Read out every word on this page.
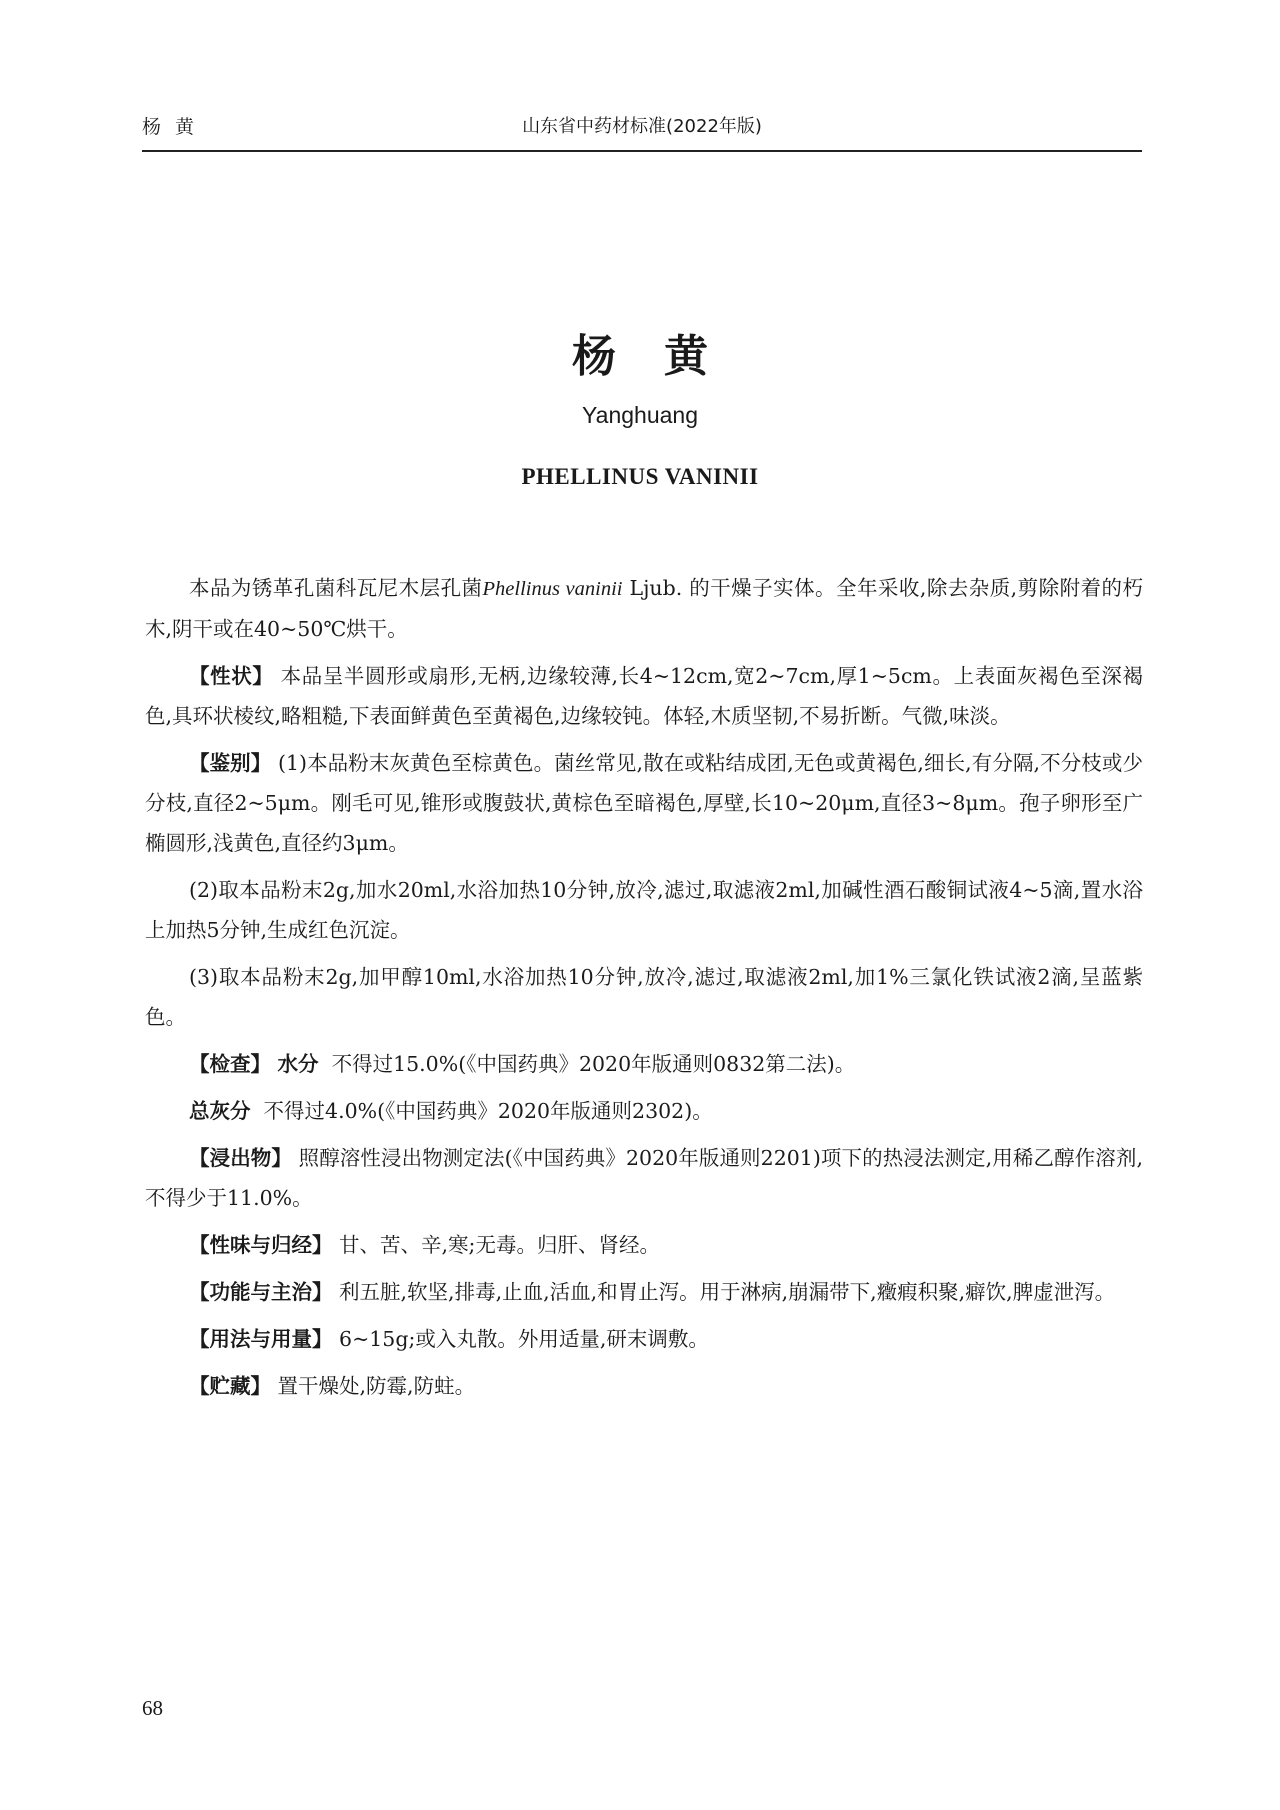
杨黄	山东省中药材标准(2022年版)
杨黄
Yanghuang
PHELLINUS VANINII

本品为锈革孔菌科瓦尼木层孔菌Phellinus vaninii Ljub. 的干燥子实体。全年采收,除去杂质,剪除附着的朽木,阴干或在40~50℃烘干。

【性状】 本品呈半圆形或扇形,无柄,边缘较薄,长4~12cm,宽2~7cm,厚1~5cm。上表面灰褐色至深褐色,具环状棱纹,略粗糙,下表面鲜黄色至黄褐色,边缘较钝。体轻,木质坚韧,不易折断。气微,味淡。

【鉴别】 (1)本品粉末灰黄色至棕黄色。菌丝常见,散在或粘结成团,无色或黄褐色,细长,有分隔,不分枝或少分枝,直径2~5μm。刚毛可见,锥形或腹鼓状,黄棕色至暗褐色,厚壁,长10~20μm,直径3~8μm。孢子卵形至广椭圆形,浅黄色,直径约3μm。

(2)取本品粉末2g,加水20ml,水浴加热10分钟,放冷,滤过,取滤液2ml,加碱性酒石酸铜试液4~5滴,置水浴上加热5分钟,生成红色沉淀。

(3)取本品粉末2g,加甲醇10ml,水浴加热10分钟,放冷,滤过,取滤液2ml,加1%三氯化铁试液2滴,呈蓝紫色。

【检查】 水分 不得过15.0%(《中国药典》2020年版通则0832第二法)。

总灰分 不得过4.0%(《中国药典》2020年版通则2302)。

【浸出物】 照醇溶性浸出物测定法(《中国药典》2020年版通则2201)项下的热浸法测定,用稀乙醇作溶剂,不得少于11.0%。

【性味与归经】 甘、苦、辛,寒;无毒。归肝、肾经。

【功能与主治】 利五脏,软坚,排毒,止血,活血,和胃止泻。用于淋病,崩漏带下,癥瘕积聚,癖饮,脾虚泄泻。

【用法与用量】 6~15g;或入丸散。外用适量,研末调敷。

【贮藏】 置干燥处,防霉,防蛀。

68
